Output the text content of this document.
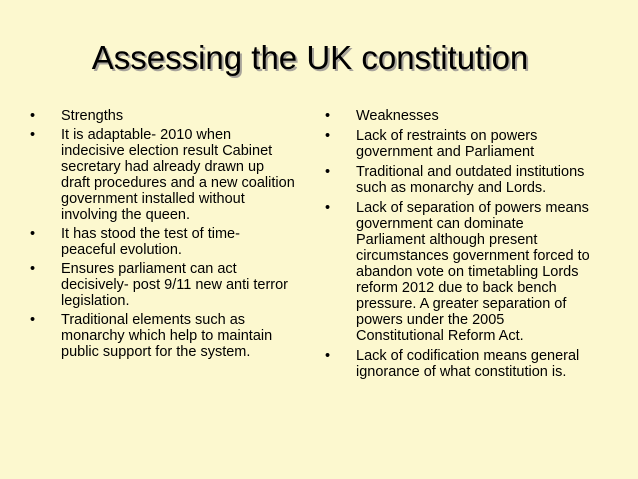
Assessing the UK constitution
•	Strengths
•	It is adaptable- 2010 when indecisive election result Cabinet secretary had already drawn up draft procedures and a new coalition government installed without involving the queen.
•	It has stood the test of time- peaceful evolution.
•	Ensures parliament can act decisively- post 9/11 new anti terror legislation.
•	Traditional elements such as monarchy which help to maintain public support for the system.
•	Weaknesses
•	Lack of restraints on powers government and Parliament
•	Traditional and outdated institutions such as monarchy and Lords.
•	Lack of separation of powers means government can dominate Parliament although present circumstances government forced to abandon vote on timetabling Lords reform 2012 due to back bench pressure. A greater separation of powers under the 2005 Constitutional Reform Act.
•	Lack of codification means general ignorance of what constitution is.
